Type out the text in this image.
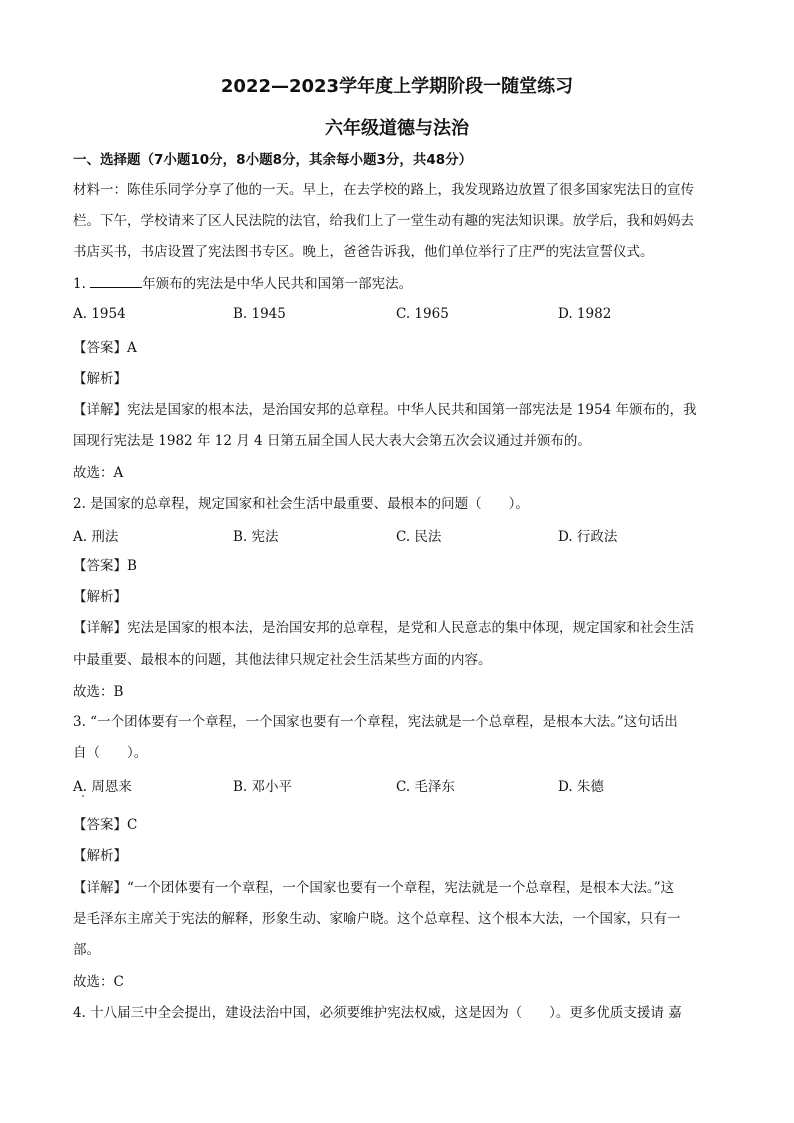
2022—2023学年度上学期阶段一随堂练习
六年级道德与法治
一、选择题（7小题10分，8小题8分，其余每小题3分，共48分）
材料一：陈佳乐同学分享了他的一天。早上，在去学校的路上，我发现路边放置了很多国家宪法日的宣传
栏。下午，学校请来了区人民法院的法官，给我们上了一堂生动有趣的宪法知识课。放学后，我和妈妈去
书店买书，书店设置了宪法图书专区。晚上，爸爸告诉我，他们单位举行了庄严的宪法宣誓仪式。
1.	年颁布的宪法是中华人民共和国第一部宪法。
A. 1954	B. 1945	C. 1965	D. 1982
【答案】A
【解析】
【详解】宪法是国家的根本法，是治国安邦的总章程。中华人民共和国第一部宪法是 1954 年颁布的，我
国现行宪法是 1982 年 12 月 4 日第五届全国人民大表大会第五次会议通过并颁布的。
故选：A
2. 是国家的总章程，规定国家和社会生活中最重要、最根本的问题（　　）。
A. 刑法	B. 宪法	C. 民法	D. 行政法
【答案】B
【解析】
【详解】宪法是国家的根本法，是治国安邦的总章程，是党和人民意志的集中体现，规定国家和社会生活
中最重要、最根本的问题，其他法律只规定社会生活某些方面的内容。
故选：B
3. “一个团体要有一个章程，一个国家也要有一个章程，宪法就是一个总章程，是根本大法。”这句话出
自（　　）。
A. 周恩来	B. 邓小平	C. 毛泽东	D. 朱德
【答案】C
【解析】
【详解】“一个团体要有一个章程，一个国家也要有一个章程，宪法就是一个总章程，是根本大法。”这
是毛泽东主席关于宪法的解释，形象生动、家喻户晓。这个总章程、这个根本大法，一个国家，只有一
部。
故选：C
4. 十八届三中全会提出，建设法治中国，必须要维护宪法权威，这是因为（　　）。更多优质支援请 嘉
